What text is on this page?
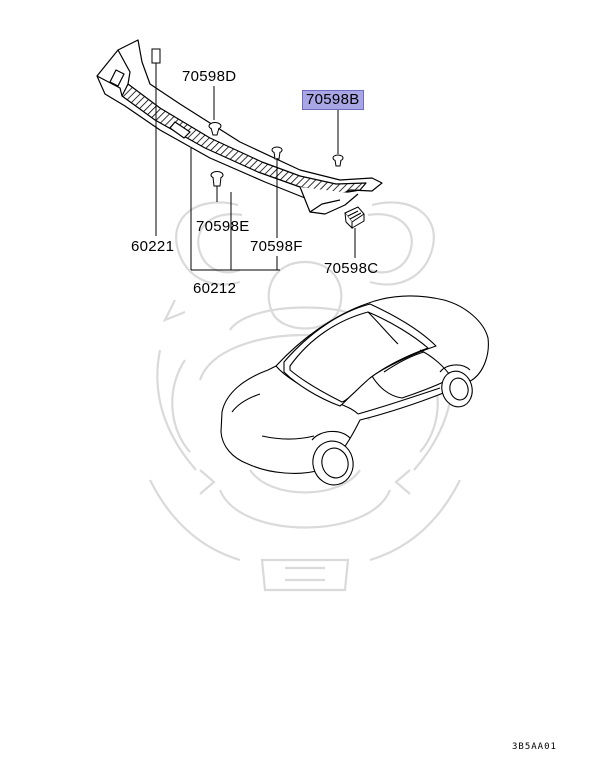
70598D
70598B
70598E
70598F
70598C
60221
60212
3B5AA01
